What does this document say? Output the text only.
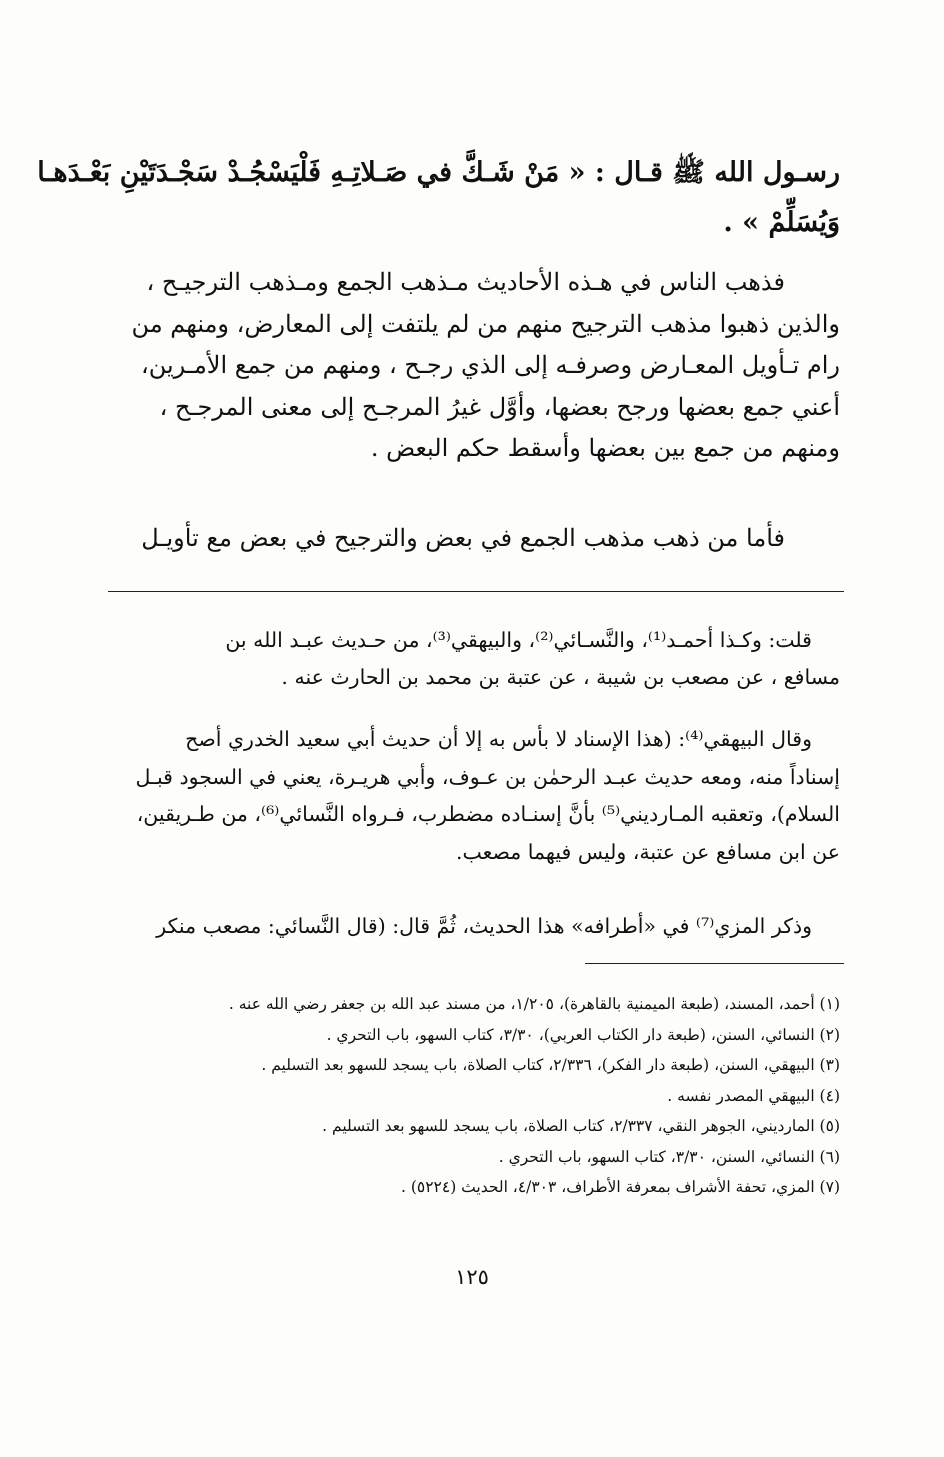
رسـول الله ﷺ قـال : « مَنْ شَـكَّ في صَـلاتِـهِ فَلْيَسْجُـدْ سَجْـدَتَيْنِ بَعْـدَهـا
وَيُسَلِّمْ » .
فذهب الناس في هـذه الأحاديث مـذهب الجمع ومـذهب الترجيـح ،
والذين ذهبوا مذهب الترجيح منهم من لم يلتفت إلى المعارض، ومنهم من
رام تـأويل المعـارض وصرفـه إلى الذي رجـح ، ومنهم من جمع الأمـرين،
أعني جمع بعضها ورجح بعضها، وأوَّل غيرُ المرجـح إلى معنى المرجـح ،
ومنهم من جمع بين بعضها وأسقط حكم البعض .
فأما من ذهب مذهب الجمع في بعض والترجيح في بعض مع تأويـل
قلت: وكـذا أحمـد⁽¹⁾، والنَّسـائي⁽²⁾، والبيهقي⁽³⁾، من حـديث عبـد الله بن
مسافع ، عن مصعب بن شيبة ، عن عتبة بن محمد بن الحارث عنه .
وقال البيهقي⁽⁴⁾: (هذا الإسناد لا بأس به إلا أن حديث أبي سعيد الخدري أصح
إسناداً منه، ومعه حديث عبـد الرحمٰن بن عـوف، وأبي هريـرة، يعني في السجود قبـل
السلام)، وتعقبه المـارديني⁽⁵⁾ بأنَّ إسنـاده مضطرب، فـرواه النَّسائي⁽⁶⁾، من طـريقين،
عن ابن مسافع عن عتبة، وليس فيهما مصعب.
وذكر المزي⁽⁷⁾ في «أطرافه» هذا الحديث، ثُمَّ قال: (قال النَّسائي: مصعب منكر
(١) أحمد، المسند، (طبعة الميمنية بالقاهرة)، ١/٢٠٥، من مسند عبد الله بن جعفر رضي الله عنه .
(٢) النسائي، السنن، (طبعة دار الكتاب العربي)، ٣/٣٠، كتاب السهو، باب التحري .
(٣) البيهقي، السنن، (طبعة دار الفكر)، ٢/٣٣٦، كتاب الصلاة، باب يسجد للسهو بعد التسليم .
(٤) البيهقي المصدر نفسه .
(٥) المارديني، الجوهر النقي، ٢/٣٣٧، كتاب الصلاة، باب يسجد للسهو بعد التسليم .
(٦) النسائي، السنن، ٣/٣٠، كتاب السهو، باب التحري .
(٧) المزي، تحفة الأشراف بمعرفة الأطراف، ٤/٣٠٣، الحديث (٥٢٢٤) .
١٢٥
